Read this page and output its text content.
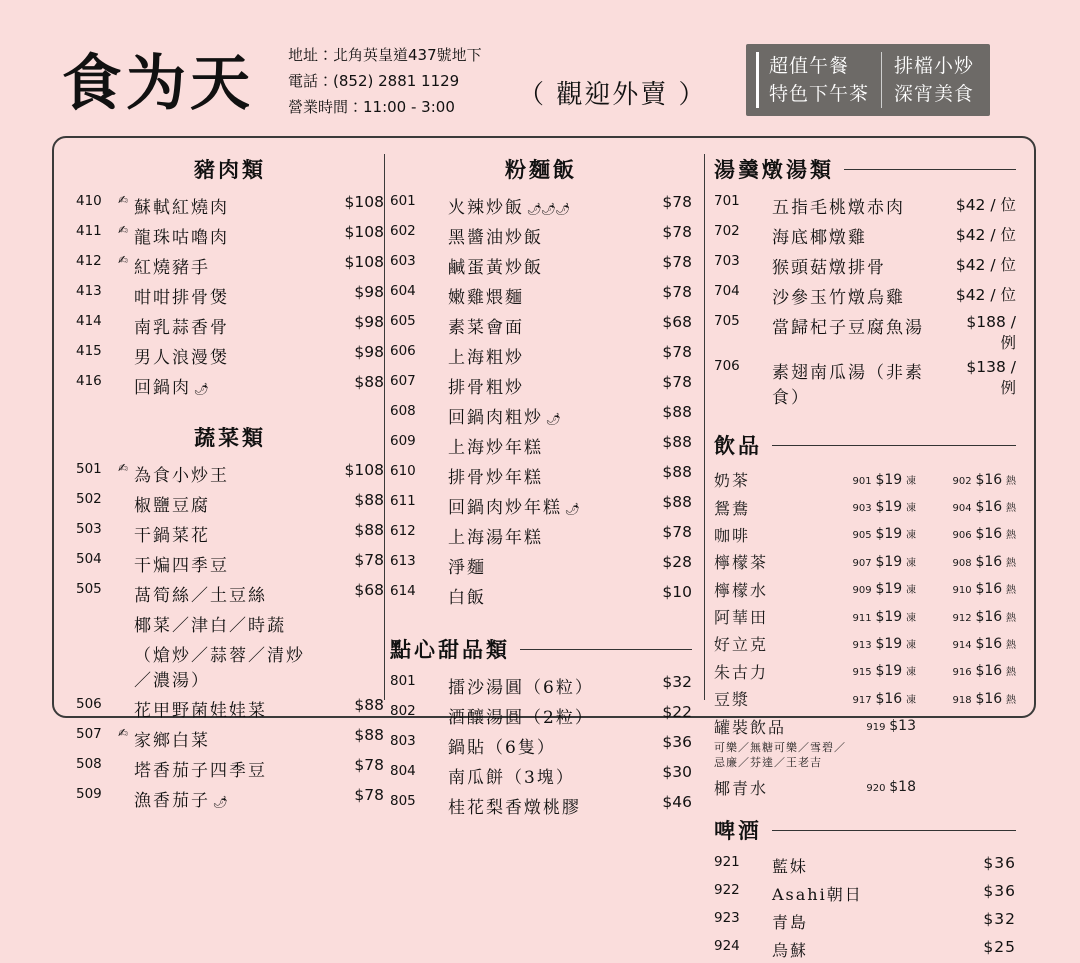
食为天 地址：北角英皇道437號地下
電話：(852) 2881 1129
營業時間：11:00 - 3:00	（ 觀迎外賣 ）
超值午餐
特色下午茶
排檔小炒
深宵美食
豬肉類
410	✍	蘇軾紅燒肉	$108
411	✍	龍珠咕嚕肉	$108
412	✍	紅燒豬手	$108
413		咁咁排骨煲	$98
414		南乳蒜香骨	$98
415		男人浪漫煲	$98
416		回鍋肉 🌶	$88
蔬菜類
501	✍	為食小炒王	$108
502		椒鹽豆腐	$88
503		干鍋菜花	$88
504		干煸四季豆	$78
505		萵筍絲／土豆絲	$68
		椰菜／津白／時蔬	
		（熗炒／蒜蓉／清炒／濃湯）	
506		花甲野菌娃娃菜	$88
507	✍	家鄉白菜	$88
508		塔香茄子四季豆	$78
509		漁香茄子 🌶	$78
粉麵飯
601		火辣炒飯 🌶🌶🌶	$78
602		黑醬油炒飯	$78
603		鹹蛋黃炒飯	$78
604		嫩雞煨麵	$78
605		素菜會面	$68
606		上海粗炒	$78
607		排骨粗炒	$78
608		回鍋肉粗炒 🌶	$88
609		上海炒年糕	$88
610		排骨炒年糕	$88
611		回鍋肉炒年糕 🌶	$88
612		上海湯年糕	$78
613		淨麵	$28
614		白飯	$10
點心甜品類
801		擂沙湯圓（6粒）	$32
802		酒釀湯圓（2粒）	$22
803		鍋貼（6隻）	$36
804		南瓜餅（3塊）	$30
805		桂花梨香燉桃膠	$46
湯羹燉湯類
701		五指毛桃燉赤肉	$42 / 位
702		海底椰燉雞	$42 / 位
703		猴頭菇燉排骨	$42 / 位
704		沙參玉竹燉烏雞	$42 / 位
705		當歸杞子豆腐魚湯	$188 / 例
706		素翅南瓜湯（非素食）	$138 / 例
飲品
奶茶	901 $19 凍	902 $16 熱
鴛鴦	903 $19 凍	904 $16 熱
咖啡	905 $19 凍	906 $16 熱
檸檬茶	907 $19 凍	908 $16 熱
檸檬水	909 $19 凍	910 $16 熱
阿華田	911 $19 凍	912 $16 熱
好立克	913 $19 凍	914 $16 熱
朱古力	915 $19 凍	916 $16 熱
豆漿	917 $16 凍	918 $16 熱
罐裝飲品	919 $13	
可樂／無糖可樂／雪碧／
忌廉／芬達／王老吉
椰青水	920 $18	
啤酒
921		藍妹	$36
922		Asahi朝日	$36
923		青島	$32
924		烏蘇	$25
